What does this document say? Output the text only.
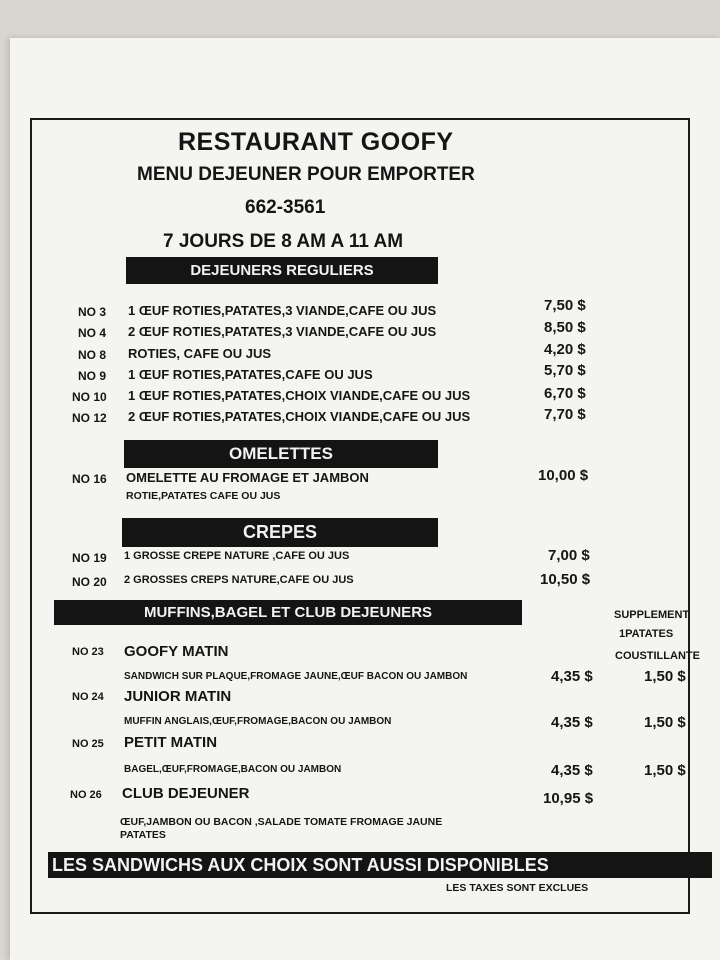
RESTAURANT GOOFY
MENU DEJEUNER POUR EMPORTER
662-3561
7 JOURS DE 8 AM A 11 AM
DEJEUNERS REGULIERS
NO 3 1 ŒUF ROTIES,PATATES,3 VIANDE,CAFE OU JUS	7,50 $
NO 4 2 ŒUF ROTIES,PATATES,3 VIANDE,CAFE OU JUS	8,50 $
NO 8 ROTIES, CAFE OU JUS	4,20 $
NO 9 1 ŒUF ROTIES,PATATES,CAFE OU JUS	5,70 $
NO 10 1 ŒUF ROTIES,PATATES,CHOIX VIANDE,CAFE OU JUS	6,70 $
NO 12 2 ŒUF ROTIES,PATATES,CHOIX VIANDE,CAFE OU JUS	7,70 $
OMELETTES
NO 16 OMELETTE AU FROMAGE ET JAMBON
ROTIE,PATATES CAFE OU JUS
10,00 $
CREPES
NO 19 1 GROSSE CREPE NATURE ,CAFE OU JUS	7,00 $
NO 20 2 GROSSES CREPS NATURE,CAFE OU JUS	10,50 $
MUFFINS,BAGEL ET CLUB DEJEUNERS	SUPPLEMENT
1PATATES
COUSTILLANTE
NO 23 GOOFY MATIN
SANDWICH SUR PLAQUE,FROMAGE JAUNE,ŒUF BACON OU JAMBON	4,35 $	1,50 $
NO 24 JUNIOR MATIN
MUFFIN ANGLAIS,ŒUF,FROMAGE,BACON OU JAMBON	4,35 $	1,50 $
NO 25 PETIT MATIN
BAGEL,ŒUF,FROMAGE,BACON OU JAMBON	4,35 $	1,50 $
NO 26 CLUB DEJEUNER
ŒUF,JAMBON OU BACON ,SALADE TOMATE FROMAGE JAUNE
PATATES
10,95 $
LES SANDWICHS AUX CHOIX SONT AUSSI DISPONIBLES
LES TAXES SONT EXCLUES
